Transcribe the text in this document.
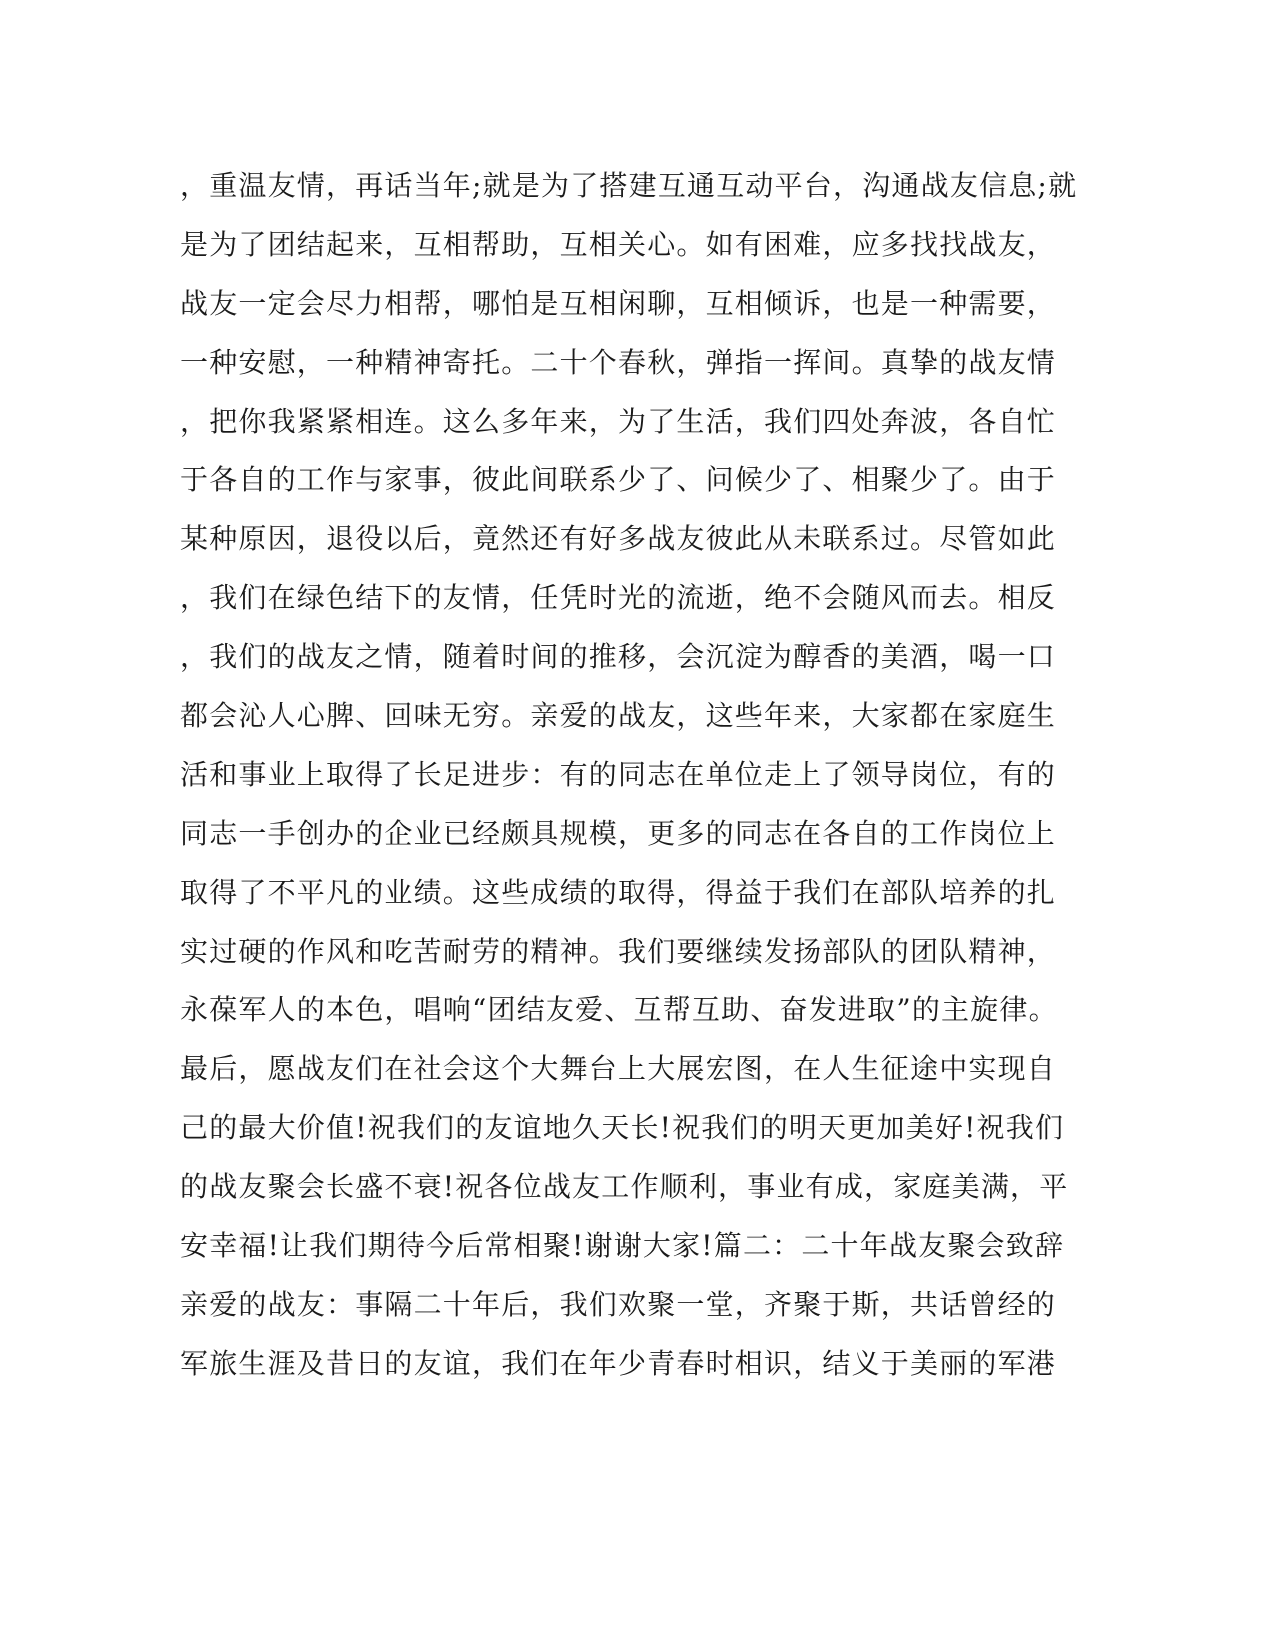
，重温友情，再话当年;就是为了搭建互通互动平台，沟通战友信息;就
是为了团结起来，互相帮助，互相关心。如有困难，应多找找战友，
战友一定会尽力相帮，哪怕是互相闲聊，互相倾诉，也是一种需要，
一种安慰，一种精神寄托。二十个春秋，弹指一挥间。真挚的战友情
，把你我紧紧相连。这么多年来，为了生活，我们四处奔波，各自忙
于各自的工作与家事，彼此间联系少了、问候少了、相聚少了。由于
某种原因，退役以后，竟然还有好多战友彼此从未联系过。尽管如此
，我们在绿色结下的友情，任凭时光的流逝，绝不会随风而去。相反
，我们的战友之情，随着时间的推移，会沉淀为醇香的美酒，喝一口
都会沁人心脾、回味无穷。亲爱的战友，这些年来，大家都在家庭生
活和事业上取得了长足进步：有的同志在单位走上了领导岗位，有的
同志一手创办的企业已经颇具规模，更多的同志在各自的工作岗位上
取得了不平凡的业绩。这些成绩的取得，得益于我们在部队培养的扎
实过硬的作风和吃苦耐劳的精神。我们要继续发扬部队的团队精神，
永葆军人的本色，唱响“团结友爱、互帮互助、奋发进取”的主旋律。
最后，愿战友们在社会这个大舞台上大展宏图，在人生征途中实现自
己的最大价值!祝我们的友谊地久天长!祝我们的明天更加美好!祝我们
的战友聚会长盛不衰!祝各位战友工作顺利，事业有成，家庭美满，平
安幸福!让我们期待今后常相聚!谢谢大家!篇二：二十年战友聚会致辞
亲爱的战友：事隔二十年后，我们欢聚一堂，齐聚于斯，共话曾经的
军旅生涯及昔日的友谊，我们在年少青春时相识，结义于美丽的军港
